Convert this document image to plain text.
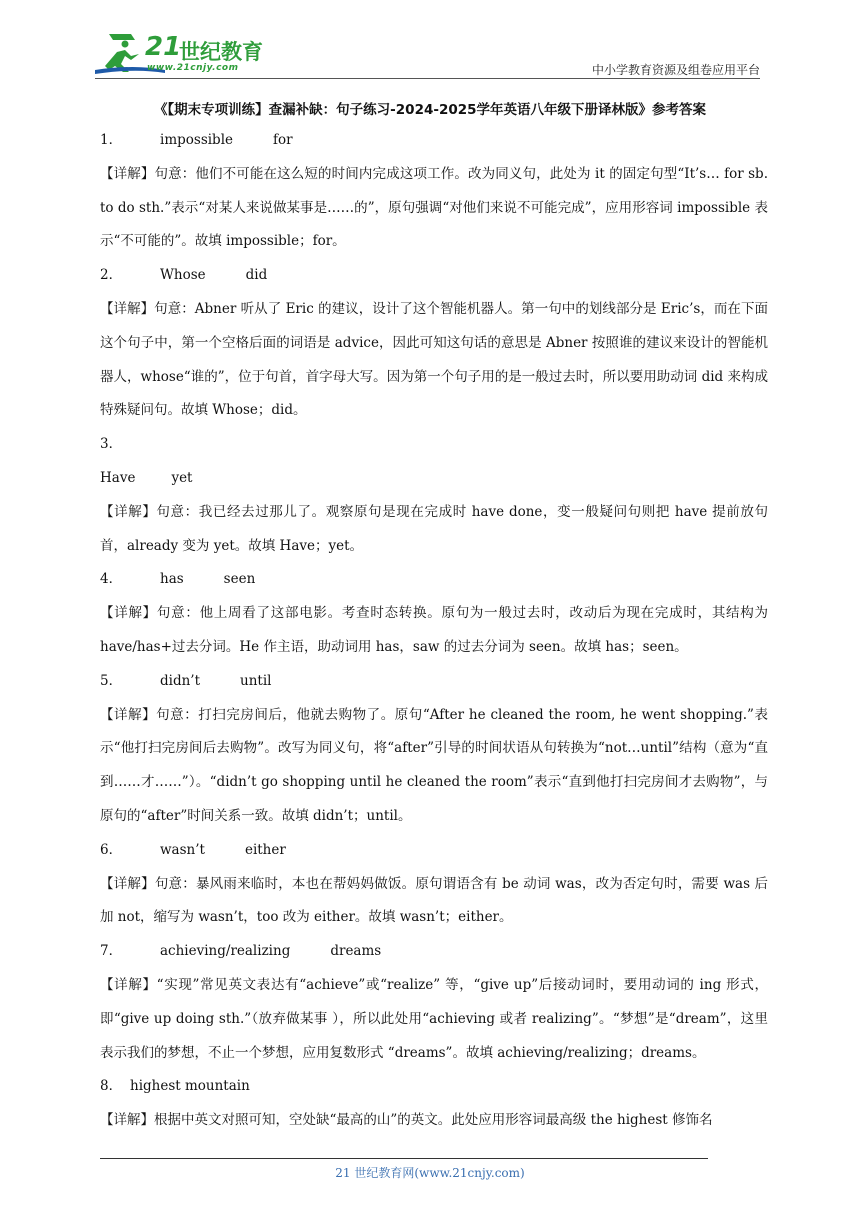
21
世纪教育
www.21cnjy.com	中小学教育资源及组卷应用平台
《【期末专项训练】查漏补缺：句子练习-2024-2025学年英语八年级下册译林版》参考答案
1．	impossible	for

【详解】句意：他们不可能在这么短的时间内完成这项工作。改为同义句，此处为 it 的固定句型“It’s… for sb. to do sth.”表示“对某人来说做某事是……的”，原句强调“对他们来说不可能完成”，应用形容词 impossible 表示“不可能的”。故填 impossible；for。

2．	Whose	did

【详解】句意：Abner 听从了 Eric 的建议，设计了这个智能机器人。第一句中的划线部分是 Eric’s，而在下面这个句子中，第一个空格后面的词语是 advice，因此可知这句话的意思是 Abner 按照谁的建议来设计的智能机器人，whose“谁的”，位于句首，首字母大写。因为第一个句子用的是一般过去时，所以要用助动词 did 来构成特殊疑问句。故填 Whose；did。

3．
Have	yet

【详解】句意：我已经去过那儿了。观察原句是现在完成时 have done，变一般疑问句则把 have 提前放句首，already 变为 yet。故填 Have；yet。

4．	has	seen

【详解】句意：他上周看了这部电影。考查时态转换。原句为一般过去时，改动后为现在完成时，其结构为 have/has+过去分词。He 作主语，助动词用 has，saw 的过去分词为 seen。故填 has；seen。

5．	didn’t	until

【详解】句意：打扫完房间后，他就去购物了。原句“After he cleaned the room, he went shopping.”表示“他打扫完房间后去购物”。改写为同义句，将“after”引导的时间状语从句转换为“not…until”结构（意为“直到……才……”）。“didn’t go shopping until he cleaned the room”表示“直到他打扫完房间才去购物”，与原句的“after”时间关系一致。故填 didn’t；until。

6．	wasn’t	either

【详解】句意：暴风雨来临时，本也在帮妈妈做饭。原句谓语含有 be 动词 was，改为否定句时，需要 was 后加 not，缩写为 wasn’t，too 改为 either。故填 wasn’t；either。

7．	achieving/realizing	dreams

【详解】“实现”常见英文表达有“achieve”或“realize” 等，“give up”后接动词时，要用动词的 ing 形式，即“give up doing sth.”（放弃做某事 ），所以此处用“achieving 或者 realizing”。“梦想”是“dream”，这里表示我们的梦想，不止一个梦想，应用复数形式 “dreams”。故填 achieving/realizing；dreams。

8． highest mountain

【详解】根据中英文对照可知，空处缺“最高的山”的英文。此处应用形容词最高级 the highest 修饰名

21 世纪教育网(www.21cnjy.com)
